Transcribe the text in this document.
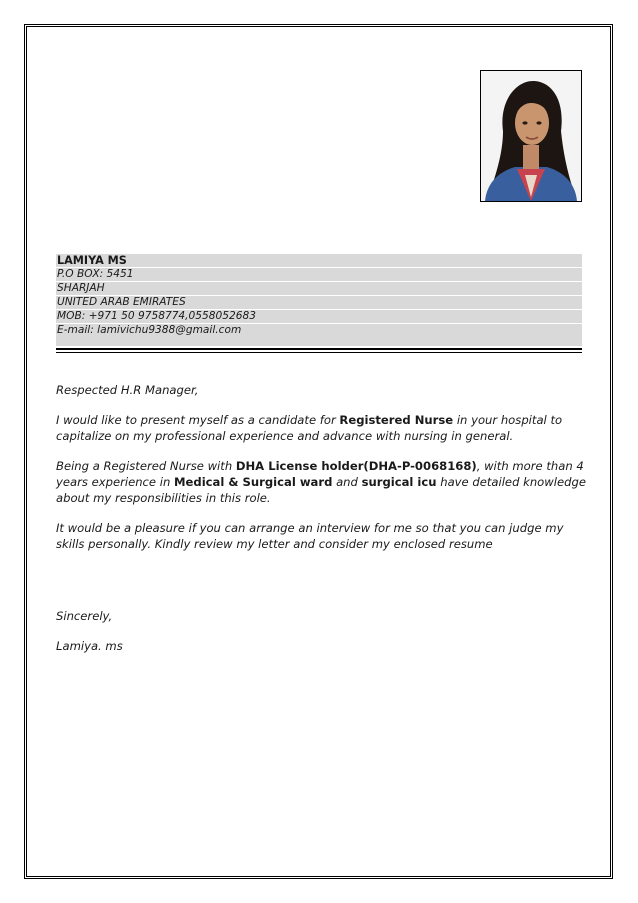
LAMIYA MS
P.O BOX: 5451
SHARJAH
UNITED ARAB EMIRATES
MOB: +971 50 9758774,0558052683
E-mail: lamivichu9388@gmail.com

Respected H.R Manager,

I would like to present myself as a candidate for Registered Nurse in your hospital to capitalize on my professional experience and advance with nursing in general.

Being a Registered Nurse with DHA License holder(DHA-P-0068168), with more than 4 years experience in Medical & Surgical ward and surgical icu have detailed knowledge about my responsibilities in this role.

It would be a pleasure if you can arrange an interview for me so that you can judge my skills personally. Kindly review my letter and consider my enclosed resume

Sincerely,

Lamiya. ms
